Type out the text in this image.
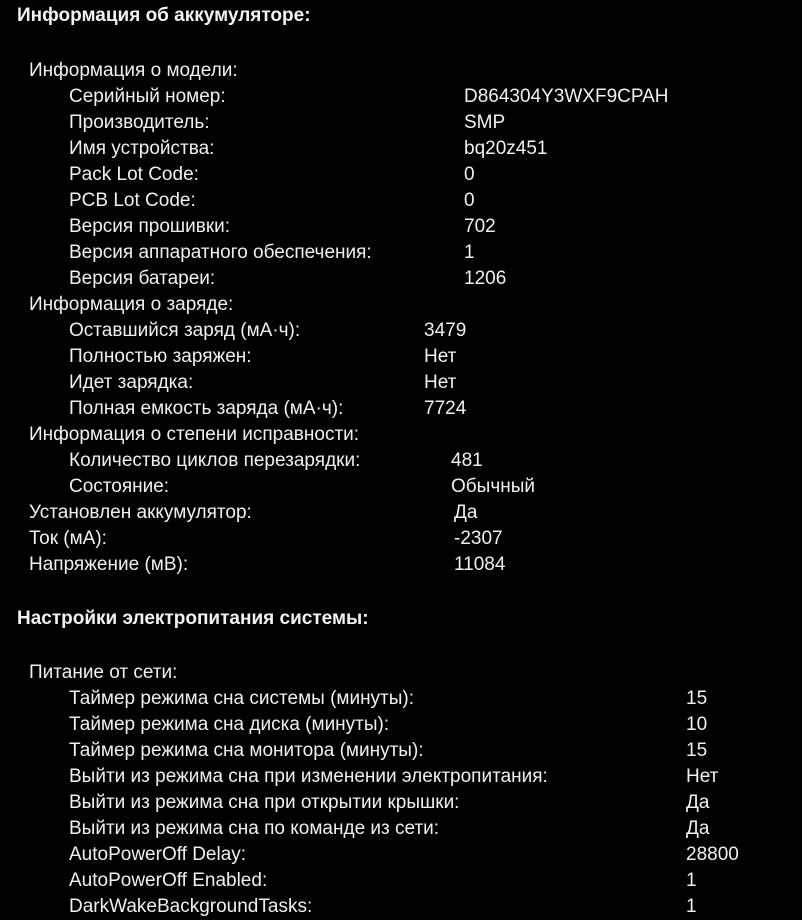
Информация об аккумуляторе:
Информация о модели:
Серийный номер:	D864304Y3WXF9CPAH
Производитель:	SMP
Имя устройства:	bq20z451
Pack Lot Code:	0
PCB Lot Code:	0
Версия прошивки:	702
Версия аппаратного обеспечения:	1
Версия батареи:	1206
Информация о заряде:
Оставшийся заряд (мА·ч):	3479
Полностью заряжен:	Нет
Идет зарядка:	Нет
Полная емкость заряда (мА·ч):	7724
Информация о степени исправности:
Количество циклов перезарядки:	481
Состояние:	Обычный
Установлен аккумулятор:	Да
Ток (мА):	-2307
Напряжение (мВ):	11084
Настройки электропитания системы:
Питание от сети:
Таймер режима сна системы (минуты):	15
Таймер режима сна диска (минуты):	10
Таймер режима сна монитора (минуты):	15
Выйти из режима сна при изменении электропитания:	Нет
Выйти из режима сна при открытии крышки:	Да
Выйти из режима сна по команде из сети:	Да
AutoPowerOff Delay:	28800
AutoPowerOff Enabled:	1
DarkWakeBackgroundTasks:	1
